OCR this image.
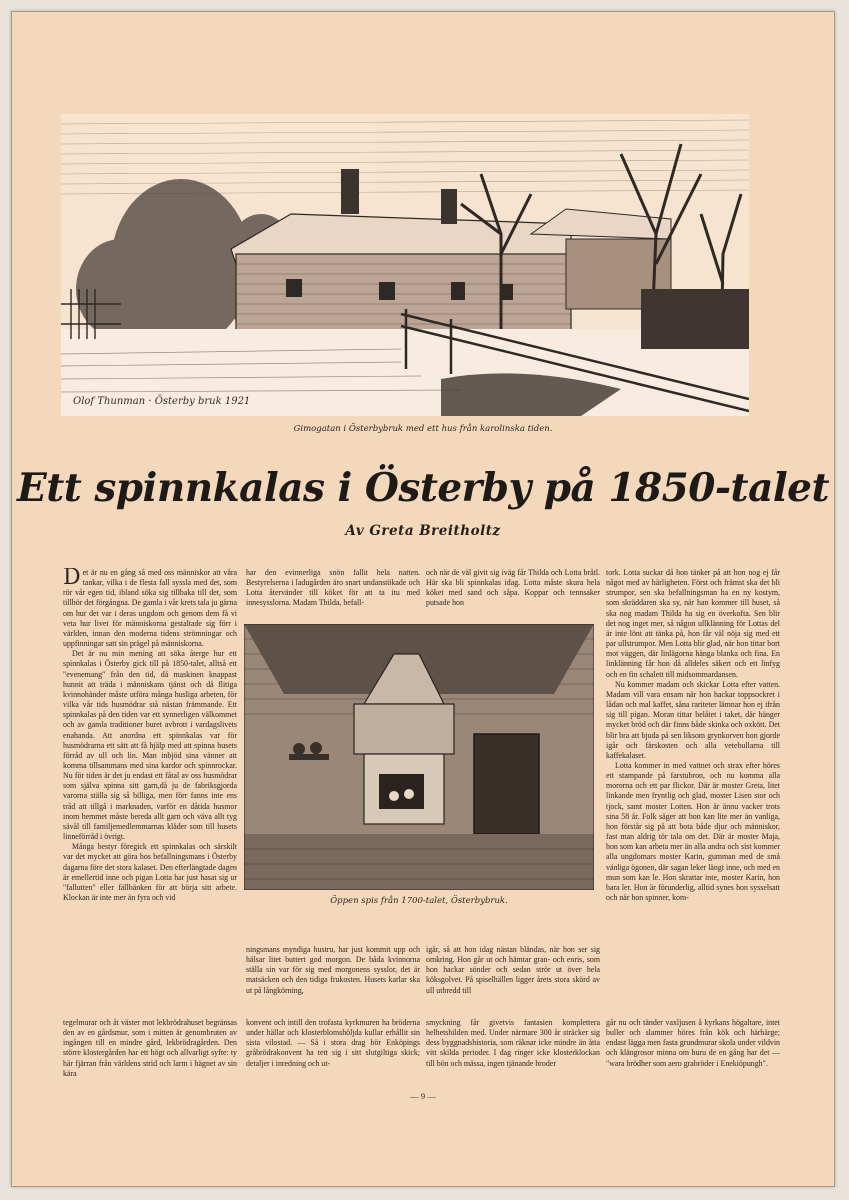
Olof Thunman · Österby bruk 1921
Gimogatan i Österbybruk med ett hus från karolinska tiden.
Ett spinnkalas i Österby på 1850-talet
Av Greta Breitholtz

Det är nu en gång så med oss människor att våra tankar, vilka i de flesta fall syssla med det, som rör vår egen tid, ibland söka sig tillbaka till det, som tillhör det förgångna. De gamla i vår krets tala ju gärna om hur det var i deras ungdom och genom dem få vi veta hur livet för människorna gestaltade sig förr i världen, innan den moderna tidens strömningar och uppfinningar satt sin prägel på människorna.

Det är nu min mening att söka återge hur ett spinnkalas i Österby gick till på 1850-talet, alltså ett "evenemang" från den tid, då maskinen knappast hunnit att träda i människans tjänst och då flitiga kvinnohänder måste utföra många husliga arbeten, för vilka vår tids husmödrar stå nästan främmande. Ett spinnkalas på den tiden var ett synnerligen välkommet och av gamla traditioner buret avbrott i vardagslivets enahanda. Att anordna ett spinnkalas var för husmödrarna ett sätt att få hjälp med att spinna husets förråd av ull och lin. Man inbjöd sina vänner att komma tillsammans med sina kardor och spinnrockar. Nu för tiden är det ju endast ett fåtal av oss husmödrar som själva spinna sitt garn,då ju de fabriksgjorda varorna ställa sig så billiga, men förr fanns inte ens tråd att tillgå i marknaden, varför en dåtida husmor inom hemmet måste bereda allt garn och väva allt tyg sävål till familjemedlemmarnas kläder som till husets linneförråd i övrigt.

Många bestyr föregick ett spinnkalas och särskilt var det mycket att göra hos befallningsmans i Österby dagarna före det stora kalaset. Den efterlängtade dagen är emellertid inne och pigan Lotta har just hasat sig ur "fallutten" eller fällbänken för att börja sitt arbete. Klockan är inte mer än fyra och vid

har den evinnerliga snön fallit hela natten. Bestyrelserna i ladugården äro snart undanstökade och Lotta återvänder till köket för att ta itu med innesysslorna. Madam Thilda, befall-

och när de väl givit sig iväg får Thilda och Lotta bråtl. Här ska bli spinnkalas idag. Lotta måste skura hela köket med sand och såpa. Koppar och tennsaker putsade hon

Öppen spis från 1700-talet, Österbybruk.

ningsmans myndiga hustru, har just kommit upp och hälsar litet buttert god morgon. De båda kvinnorna ställa sin var för sig med morgonens sysslor, det är matsäcken och den tidiga frukosten. Husets karlar ska ut på långkörning,

igår, så att hon idag nästan bländas, när hon ser sig omkring. Hon går ut och hämtar gran- och enris, som hon hackar sönder och sedan strör ut över hela köksgolvet. På spiselhällen ligger årets stora skörd av ull utbredd till

tork. Lotta suckar då hon tänker på att hon nog ej får något med av härligheten. Först och främst ska det bli strumpor, sen ska befallningsman ha en ny kostym, som skräddaren ska sy, när han kommer till huset, så ska nog madam Thilda ha sig en överkofta. Sen blir det nog inget mer, så någon ullklänning för Lottas del är inte lönt att tänka på, hon får väl nöja sig med ett par ullstrumpor. Men Lotta blir glad, när hon tittar bort mot väggen, där linlägorna hänga blanka och fina. En linklänning får hon då alldeles säkert och ett linfyg och en fin schalett till midsommardansen.

Nu kommer madam och skickar Lotta efter vatten. Madam vill vara ensam när hon hackar toppsockret i lådan och mal kaffet, såna rariteter lämnar hon ej ifrån sig till pigan. Moran tittar belåtet i taket, där hänger mycket bröd och där finns både skinka och oxkött. Det blir bra att bjuda på sen liksom grynkorven hon gjorde igår och färskosten och alla vetebullarna till kaffekalaset.

Lotta kommer in med vattnet och strax efter höres ett stampande på farstubron, och nu komma alla mororna och ett par flickor. Där är moster Greta, litet linkande men fryntlig och glad, moster Lisen stor och tjock, samt moster Lotten. Hon är ännu vacker trots sina 58 år. Folk säger att hon kan lite mer än vanliga, hon förstår sig på att bota både djur och människor, fast man aldrig tör tala om det. Där är moster Maja, hon som kan arbeta mer än alla andra och sist kommer alla ungdomars moster Karin, gumman med de små vänliga ögonen, där sagan leker längt inne, och med en mun som kan le. Hon skrattar inte, moster Karin, hon bara ler. Hon är förunderlig, alltid synes hon sysselsatt och när hon spinner, kom-

tegelmurar och åt väster mot lekbrödrahuset begränsas den av en gårdsmur, som i mitten är genombruten av ingången till en mindre gård, lekbrödragården. Den större klostergården har ett högt och allvarligt syfte: ty här fjärran från världens strid och larm i hägnet av sin kära

konvent och intill den trofasta kyrkmuren ha bröderna under hällar och klosterblomshöljda kullar erhållit sin sista vilostad. — Så i stora drag bör Enköpings gråbrödrakonvent ha tett sig i sitt slutgiltiga skick; detaljer i inredning och ut-

smyckning får givetvis fantasien komplettera helhetsbilden med. Under närmare 300 år sträcker sig dess byggnadshistoria, som räknar icke mindre än åtta vitt skilda perioder. I dag ringer icke klosterklockan till bön och mässa, ingen tjänande broder

går nu och tänder vaxljusen å kyrkans högaltare, intet buller och slammer höres från kök och härbärge; endast lägga men fasta grundmurar skola under vildvin och klängrosor minna om huru de en gång har det — "wara brödher som aero grabröder i Enekiöpungh".

— 9 —
